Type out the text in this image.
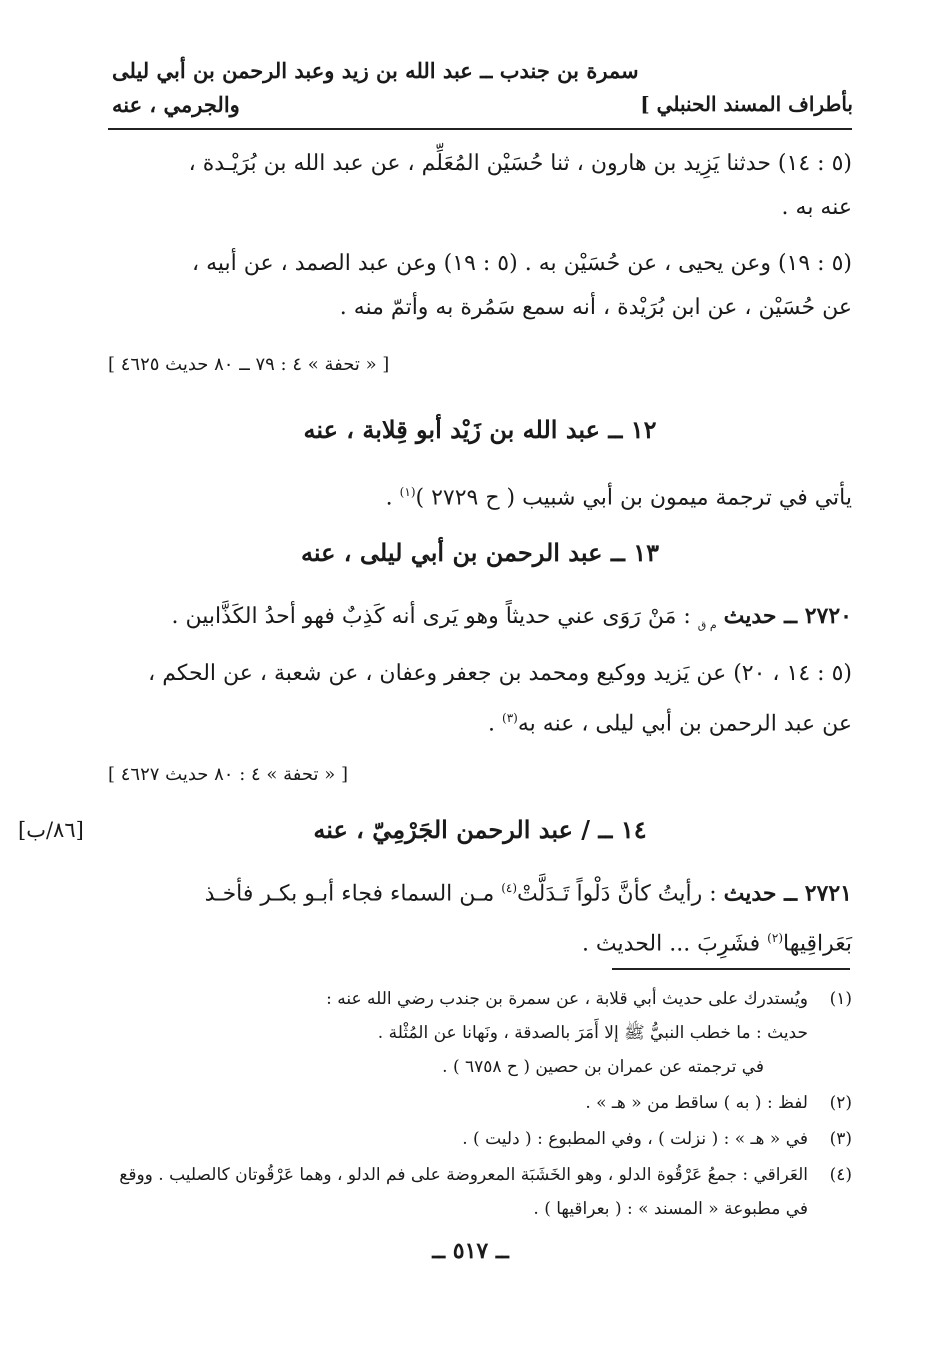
سمرة بن جندب ــ عبد الله بن زيد وعبد الرحمن بن أبي ليلى
والجرمي ، عنه	بأطراف المسند الحنبلي ]
(٥ : ١٤) حدثنا يَزِيد بن هارون ، ثنا حُسَيْن المُعَلِّم ، عن عبد الله بن بُرَيْـدة ،
عنه به .
(٥ : ١٩) وعن يحيى ، عن حُسَيْن به . (٥ : ١٩) وعن عبد الصمد ، عن أبيه ،
عن حُسَيْن ، عن ابن بُرَيْدة ، أنه سمع سَمُرة به وأتمّ منه .
[ « تحفة » ٤ : ٧٩ ــ ٨٠ حديث ٤٦٢٥ ]
١٢ ــ عبد الله بن زَيْد أبو قِلابة ، عنه
يأتي في ترجمة ميمون بن أبي شبيب ( ح ٢٧٢٩ )$^{(١)}$ .
١٣ ــ عبد الرحمن بن أبي ليلى ، عنه
٢٧٢٠ ــ حديث $_{م ق}$ : مَنْ رَوَى عني حديثاً وهو يَرى أنه كَذِبٌ فهو أحدُ الكَذَّابين .
(٥ : ١٤ ، ٢٠) عن يَزيد ووكيع ومحمد بن جعفر وعفان ، عن شعبة ، عن الحكم ،
عن عبد الرحمن بن أبي ليلى ، عنه به$^{(٣)}$ .
[ « تحفة » ٤ : ٨٠ حديث ٤٦٢٧ ]
١٤ ــ / عبد الرحمن الجَرْمِيّ ، عنه
[٨٦/ب]
٢٧٢١ ــ حديث : رأيتُ كأنَّ دَلْواً تَـدَلَّتْ$^{(٤)}$ مـن السماء فجاء أبـو بكـر فأخـذ
بَعَراقِيها$^{(٢)}$ فشَرِبَ ... الحديث .
(١)ويُستدرك على حديث أبي قلابة ، عن سمرة بن جندب رضي الله عنه :
حديث : ما خطب النبيُّ ﷺ إلا أَمَرَ بالصدقة ، ونَهانا عن المُثْلة .
في ترجمته عن عمران بن حصين ( ح ٦٧٥٨ ) .
(٢)لفظ : ( به ) ساقط من « هـ » .
(٣)في « هـ » : ( نزلت ) ، وفي المطبوع : ( دليت ) .
(٤)العَراقي : جمعُ عَرْقُوة الدلو ، وهو الخَشَبَة المعروضة على فم الدلو ، وهما عَرْقُوتان كالصليب . ووقع
في مطبوعة « المسند » : ( بعراقيها ) .
ــ ٥١٧ ــ
